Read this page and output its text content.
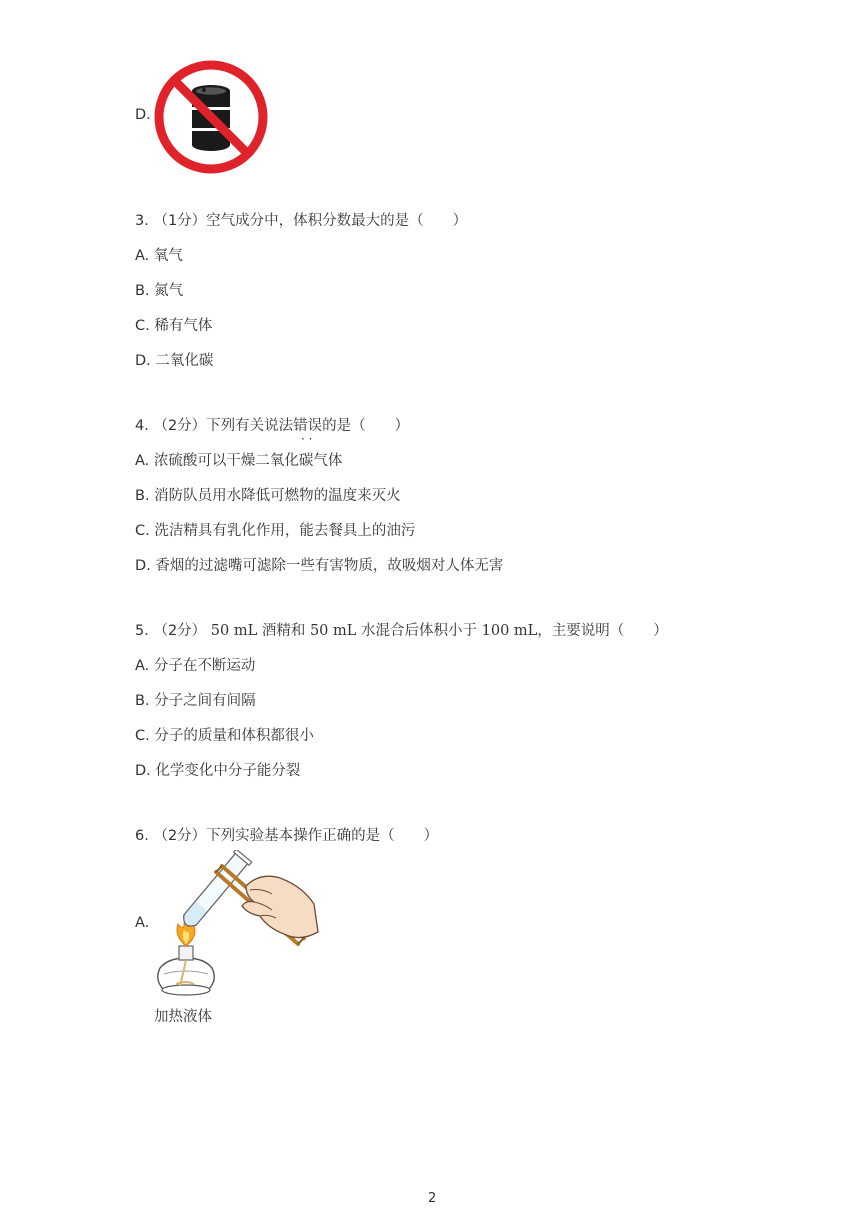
D.
3. （1分）空气成分中，体积分数最大的是（　　）
A. 氧气
B. 氮气
C. 稀有气体
D. 二氧化碳
4. （2分）下列有关说法错误的是（　　）
· ·
A. 浓硫酸可以干燥二氧化碳气体
B. 消防队员用水降低可燃物的温度来灭火
C. 洗洁精具有乳化作用，能去餐具上的油污
D. 香烟的过滤嘴可滤除一些有害物质，故吸烟对人体无害
5. （2分） 50 mL 酒精和 50 mL 水混合后体积小于 100 mL，主要说明（　　）
A. 分子在不断运动
B. 分子之间有间隔
C. 分子的质量和体积都很小
D. 化学变化中分子能分裂
6. （2分）下列实验基本操作正确的是（　　）
A.
加热液体
2
